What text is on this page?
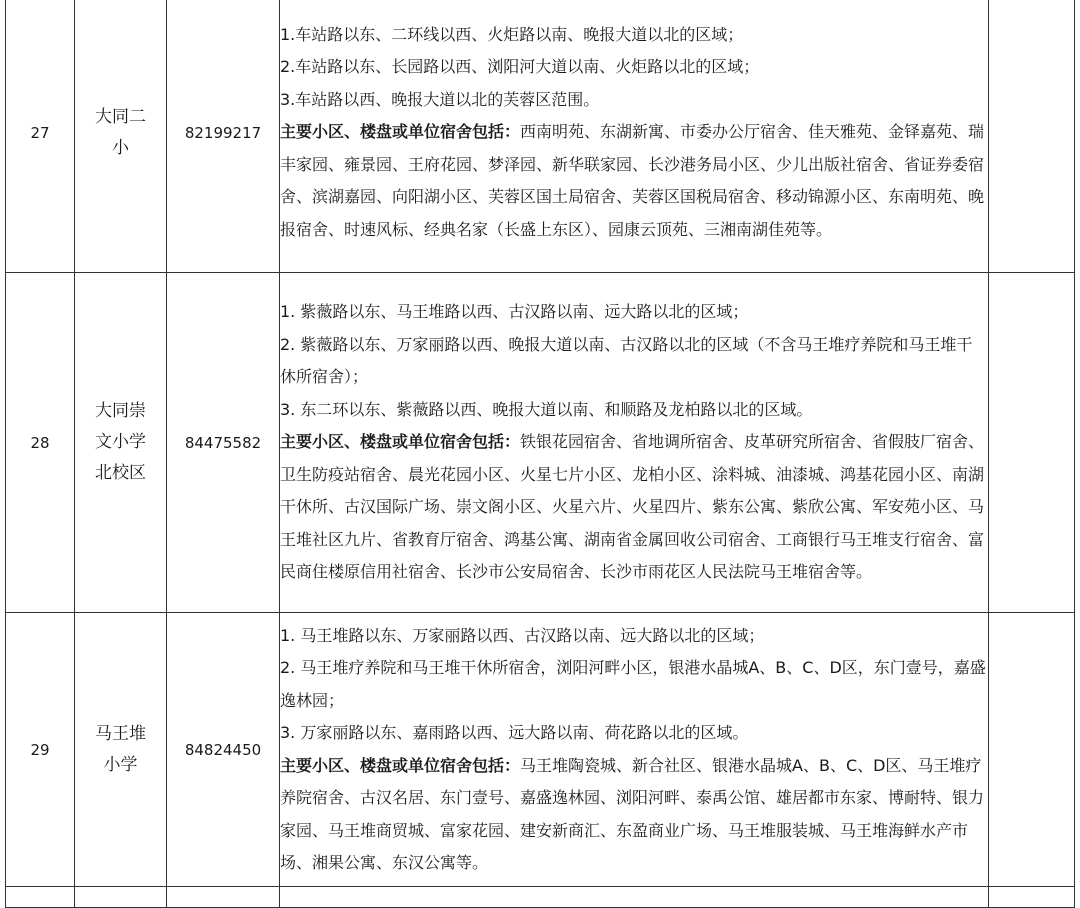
27	大同二小	82199217	1.车站路以东、二环线以西、火炬路以南、晚报大道以北的区域；
2.车站路以东、长园路以西、浏阳河大道以南、火炬路以北的区域；
3.车站路以西、晚报大道以北的芙蓉区范围。
主要小区、楼盘或单位宿舍包括：西南明苑、东湖新寓、市委办公厅宿舍、佳天雅苑、金铎嘉苑、瑞丰家园、雍景园、王府花园、梦泽园、新华联家园、长沙港务局小区、少儿出版社宿舍、省证券委宿舍、滨湖嘉园、向阳湖小区、芙蓉区国土局宿舍、芙蓉区国税局宿舍、移动锦源小区、东南明苑、晚报宿舍、时速风标、经典名家（长盛上东区）、园康云顶苑、三湘南湖佳苑等。	

28	大同崇文小学北校区	84475582	1. 紫薇路以东、马王堆路以西、古汉路以南、远大路以北的区域；
2. 紫薇路以东、万家丽路以西、晚报大道以南、古汉路以北的区域（不含马王堆疗养院和马王堆干休所宿舍）；
3. 东二环以东、紫薇路以西、晚报大道以南、和顺路及龙柏路以北的区域。
主要小区、楼盘或单位宿舍包括：铁银花园宿舍、省地调所宿舍、皮革研究所宿舍、省假肢厂宿舍、卫生防疫站宿舍、晨光花园小区、火星七片小区、龙柏小区、涂料城、油漆城、鸿基花园小区、南湖干休所、古汉国际广场、崇文阁小区、火星六片、火星四片、紫东公寓、紫欣公寓、军安苑小区、马王堆社区九片、省教育厅宿舍、鸿基公寓、湖南省金属回收公司宿舍、工商银行马王堆支行宿舍、富民商住楼原信用社宿舍、长沙市公安局宿舍、长沙市雨花区人民法院马王堆宿舍等。	

29	马王堆小学	84824450	1. 马王堆路以东、万家丽路以西、古汉路以南、远大路以北的区域；
2. 马王堆疗养院和马王堆干休所宿舍，浏阳河畔小区，银港水晶城A、B、C、D区，东门壹号，嘉盛逸林园；
3. 万家丽路以东、嘉雨路以西、远大路以南、荷花路以北的区域。
主要小区、楼盘或单位宿舍包括：马王堆陶瓷城、新合社区、银港水晶城A、B、C、D区、马王堆疗养院宿舍、古汉名居、东门壹号、嘉盛逸林园、浏阳河畔、泰禹公馆、雄居都市东家、博耐特、银力家园、马王堆商贸城、富家花园、建安新商汇、东盈商业广场、马王堆服装城、马王堆海鲜水产市场、湘果公寓、东汉公寓等。	
